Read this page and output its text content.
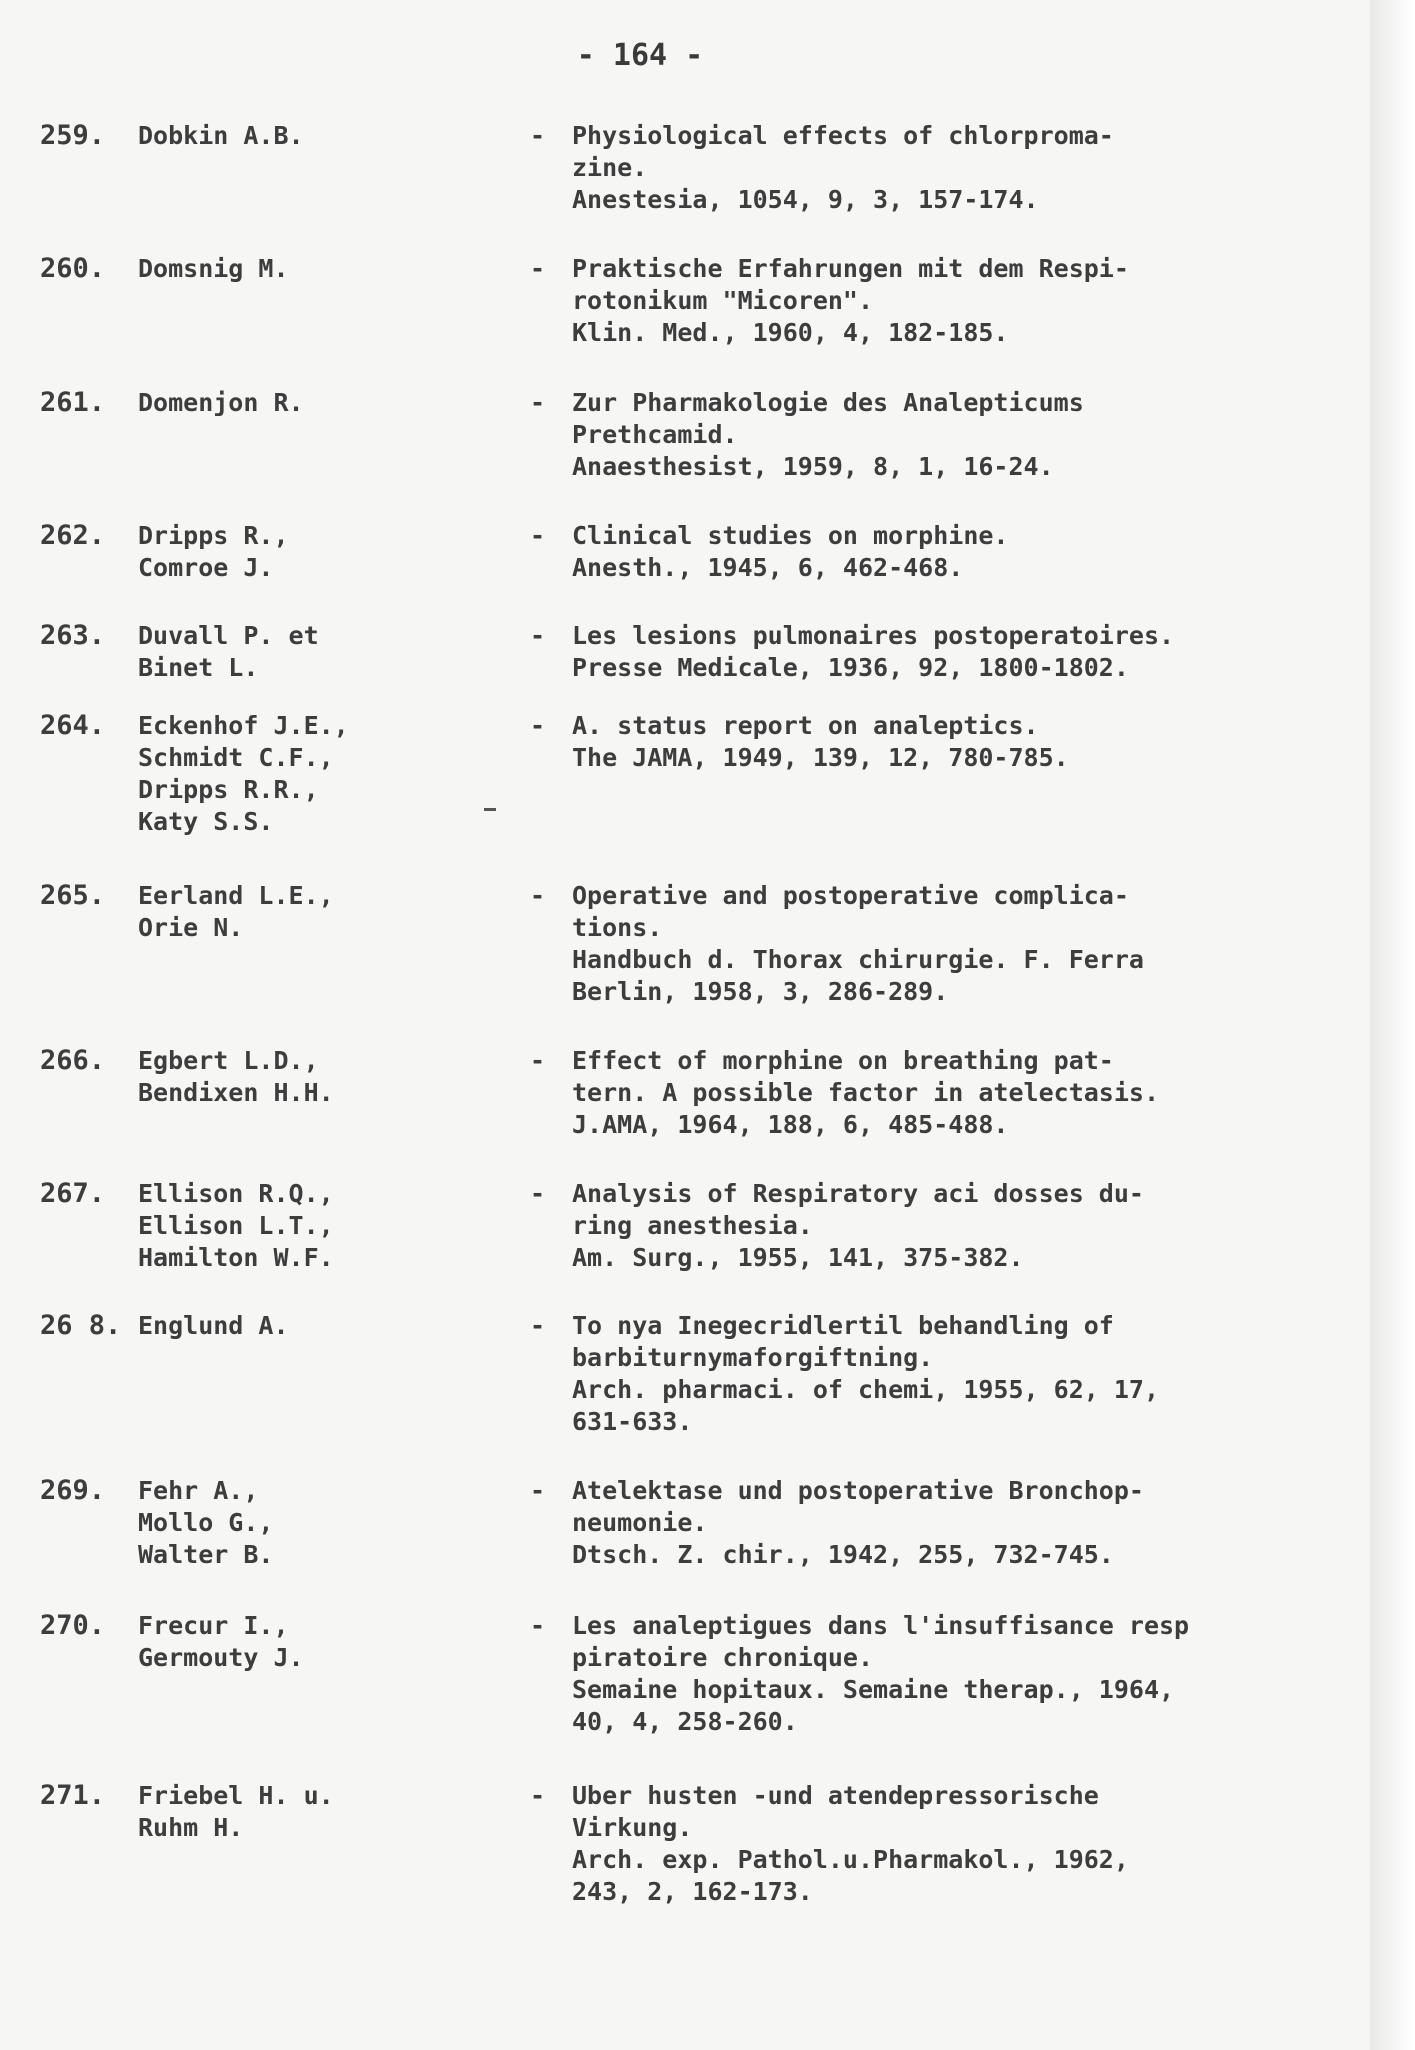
- 164 -
259. Dobkin A.B.	- Physiological effects of chlorproma-
zine.
Anestesia, 1054, 9, 3, 157-174.
260. Domsnig M.	- Praktische Erfahrungen mit dem Respi-
rotonikum "Micoren".
Klin. Med., 1960, 4, 182-185.
261. Domenjon R.	- Zur Pharmakologie des Analepticums
Prethcamid.
Anaesthesist, 1959, 8, 1, 16-24.
262. Dripps R.,
Comroe J.
- Clinical studies on morphine.
Anesth., 1945, 6, 462-468.
263. Duvall P. et
Binet L.
- Les lesions pulmonaires postoperatoires.
Presse Medicale, 1936, 92, 1800-1802.
264. Eckenhof J.E.,
Schmidt C.F.,
Dripps R.R.,
Katy S.S.
- A. status report on analeptics.
The JAMA, 1949, 139, 12, 780-785.
265. Eerland L.E.,
Orie N.
- Operative and postoperative complica-
tions.
Handbuch d. Thorax chirurgie. F. Ferra
Berlin, 1958, 3, 286-289.
266. Egbert L.D.,
Bendixen H.H.
- Effect of morphine on breathing pat-
tern. A possible factor in atelectasis.
J.AMA, 1964, 188, 6, 485-488.
267. Ellison R.Q.,
Ellison L.T.,
Hamilton W.F.
- Analysis of Respiratory aci dosses du-
ring anesthesia.
Am. Surg., 1955, 141, 375-382.
26 8. Englund A.	- To nya Inegecridlertil behandling of
barbiturnymaforgiftning.
Arch. pharmaci. of chemi, 1955, 62, 17,
631-633.
269. Fehr A.,
Mollo G.,
Walter B.
- Atelektase und postoperative Bronchop-
neumonie.
Dtsch. Z. chir., 1942, 255, 732-745.
270. Frecur I.,
Germouty J.
- Les analeptigues dans l'insuffisance resp
piratoire chronique.
Semaine hopitaux. Semaine therap., 1964,
40, 4, 258-260.
271. Friebel H. u.
Ruhm H.
- Uber husten -und atendepressorische
Virkung.
Arch. exp. Pathol.u.Pharmakol., 1962,
243, 2, 162-173.
